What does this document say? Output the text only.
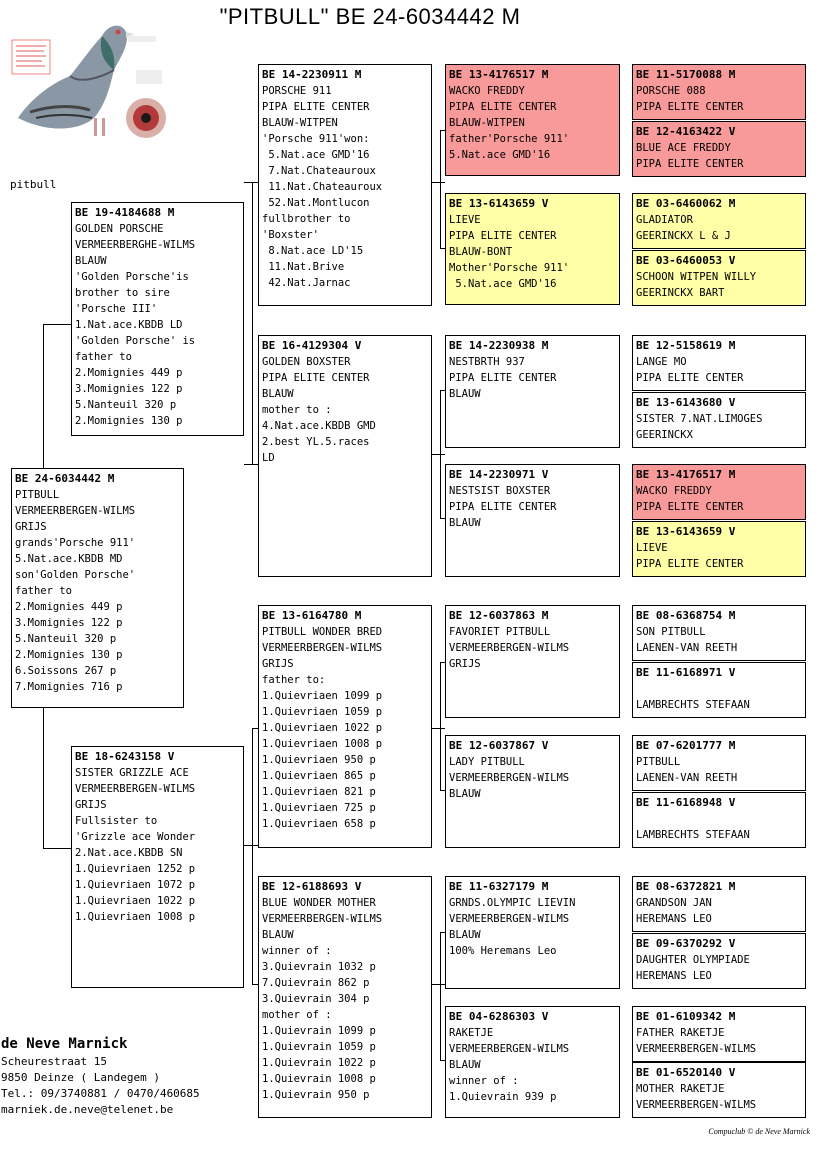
"PITBULL" BE 24-6034442 M
pitbull
BE 24-6034442 M
PITBULL
VERMEERBERGEN-WILMS
GRIJS
grands'Porsche 911'
5.Nat.ace.KBDB MD
son'Golden Porsche'
father to
2.Momignies 449 p
3.Momignies 122 p
5.Nanteuil 320 p
2.Momignies 130 p
6.Soissons 267 p
7.Momignies 716 p
BE 19-4184688 M
GOLDEN PORSCHE
VERMEERBERGHE-WILMS
BLAUW
'Golden Porsche'is
brother to sire
'Porsche III'
1.Nat.ace.KBDB LD
'Golden Porsche' is
father to
2.Momignies 449 p
3.Momignies 122 p
5.Nanteuil 320 p
2.Momignies 130 p
BE 18-6243158 V
SISTER GRIZZLE ACE
VERMEERBERGEN-WILMS
GRIJS
Fullsister to
'Grizzle ace Wonder
2.Nat.ace.KBDB SN
1.Quievriaen 1252 p
1.Quievriaen 1072 p
1.Quievriaen 1022 p
1.Quievriaen 1008 p
BE 14-2230911 M
PORSCHE 911
PIPA ELITE CENTER
BLAUW-WITPEN
'Porsche 911'won:
5.Nat.ace GMD'16
7.Nat.Chateauroux
11.Nat.Chateauroux
52.Nat.Montlucon
fullbrother to
'Boxster'
8.Nat.ace LD'15
11.Nat.Brive
42.Nat.Jarnac
BE 16-4129304 V
GOLDEN BOXSTER
PIPA ELITE CENTER
BLAUW
mother to :
4.Nat.ace.KBDB GMD
2.best YL.5.races
LD
BE 13-6164780 M
PITBULL WONDER BRED
VERMEERBERGEN-WILMS
GRIJS
father to:
1.Quievriaen 1099 p
1.Quievriaen 1059 p
1.Quievriaen 1022 p
1.Quievriaen 1008 p
1.Quievriaen 950 p
1.Quievriaen 865 p
1.Quievriaen 821 p
1.Quievriaen 725 p
1.Quievriaen 658 p
BE 12-6188693 V
BLUE WONDER MOTHER
VERMEERBERGEN-WILMS
BLAUW
winner of :
3.Quievrain 1032 p
7.Quievrain 862 p
3.Quievrain 304 p
mother of :
1.Quievrain 1099 p
1.Quievrain 1059 p
1.Quievrain 1022 p
1.Quievrain 1008 p
1.Quievrain 950 p
BE 13-4176517 M
WACKO FREDDY
PIPA ELITE CENTER
BLAUW-WITPEN
father'Porsche 911'
5.Nat.ace GMD'16
BE 13-6143659 V
LIEVE
PIPA ELITE CENTER
BLAUW-BONT
Mother'Porsche 911'
5.Nat.ace GMD'16
BE 14-2230938 M
NESTBRTH 937
PIPA ELITE CENTER
BLAUW
BE 14-2230971 V
NESTSIST BOXSTER
PIPA ELITE CENTER
BLAUW
BE 12-6037863 M
FAVORIET PITBULL
VERMEERBERGEN-WILMS
GRIJS
BE 12-6037867 V
LADY PITBULL
VERMEERBERGEN-WILMS
BLAUW
BE 11-6327179 M
GRNDS.OLYMPIC LIEVIN
VERMEERBERGEN-WILMS
BLAUW
100% Heremans Leo
BE 04-6286303 V
RAKETJE
VERMEERBERGEN-WILMS
BLAUW
winner of :
1.Quievrain 939 p
BE 11-5170088 M
PORSCHE 088
PIPA ELITE CENTER
BE 12-4163422 V
BLUE ACE FREDDY
PIPA ELITE CENTER
BE 03-6460062 M
GLADIATOR
GEERINCKX L & J
BE 03-6460053 V
SCHOON WITPEN WILLY
GEERINCKX BART
BE 12-5158619 M
LANGE MO
PIPA ELITE CENTER
BE 13-6143680 V
SISTER 7.NAT.LIMOGES
GEERINCKX
BE 13-4176517 M
WACKO FREDDY
PIPA ELITE CENTER
BE 13-6143659 V
LIEVE
PIPA ELITE CENTER
BE 08-6368754 M
SON PITBULL
LAENEN-VAN REETH
BE 11-6168971 V

LAMBRECHTS STEFAAN
BE 07-6201777 M
PITBULL
LAENEN-VAN REETH
BE 11-6168948 V

LAMBRECHTS STEFAAN
BE 08-6372821 M
GRANDSON JAN
HEREMANS LEO
BE 09-6370292 V
DAUGHTER OLYMPIADE
HEREMANS LEO
BE 01-6109342 M
FATHER RAKETJE
VERMEERBERGEN-WILMS
BE 01-6520140 V
MOTHER RAKETJE
VERMEERBERGEN-WILMS
de Neve Marnick
Scheurestraat 15
9850 Deinze ( Landegem )
Tel.: 09/3740881 / 0470/460685
marniek.de.neve@telenet.be
Compuclub © de Neve Marnick
